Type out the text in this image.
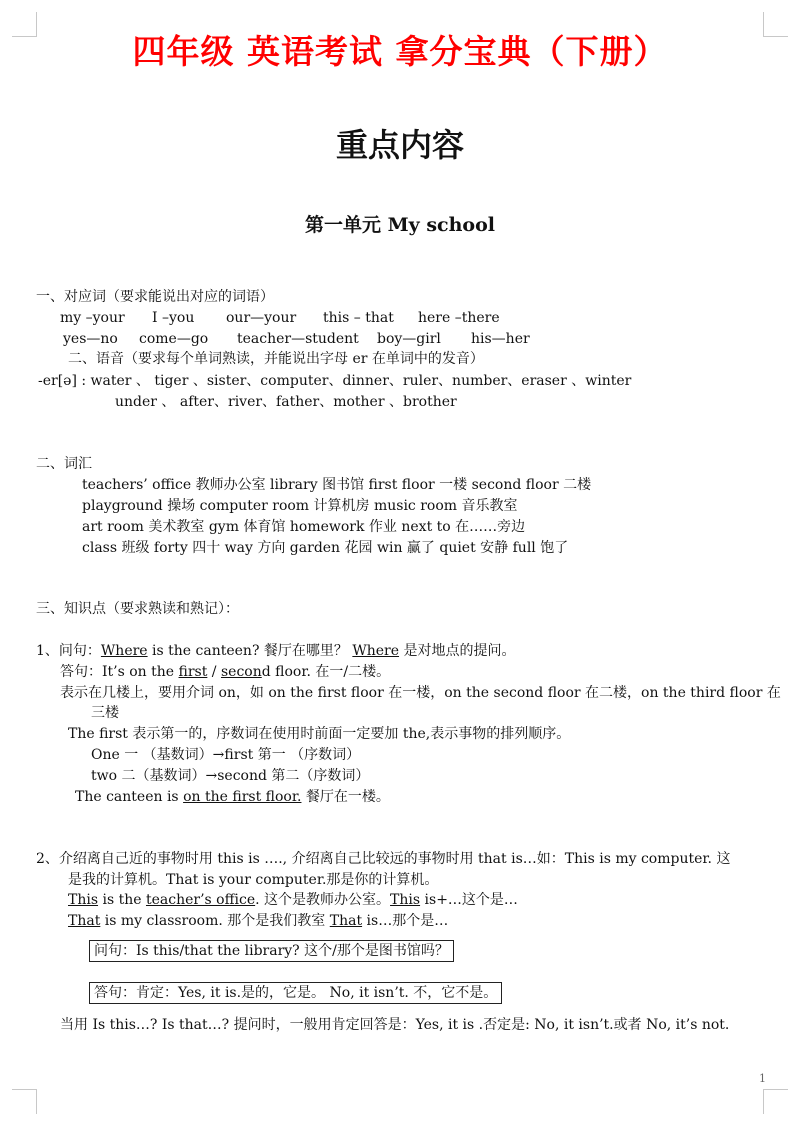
四年级 英语考试 拿分宝典（下册）
重点内容
第一单元 My school
一、对应词（要求能说出对应的词语）
my –your I –you our—your this – that here –there
yes—no come—go teacher—student boy—girl his—her
二、语音（要求每个单词熟读，并能说出字母 er 在单词中的发音）
-er[ə] : water 、 tiger 、sister、computer、dinner、ruler、number、eraser 、winter
under 、 after、river、father、mother 、brother
二、词汇
teachers’ office 教师办公室 library 图书馆 first floor 一楼 second floor 二楼
playground 操场 computer room 计算机房 music room 音乐教室
art room 美术教室 gym 体育馆 homework 作业 next to 在……旁边
class 班级 forty 四十 way 方向 garden 花园 win 赢了 quiet 安静 full 饱了
三、知识点（要求熟读和熟记）：
1、问句：Where is the canteen? 餐厅在哪里？ Where 是对地点的提问。
答句：It’s on the first / second floor. 在一/二楼。
表示在几楼上，要用介词 on，如 on the first floor 在一楼，on the second floor 在二楼，on the third floor 在
三楼
The first 表示第一的，序数词在使用时前面一定要加 the,表示事物的排列顺序。
One 一 （基数词）→first 第一 （序数词）
two 二（基数词）→second 第二（序数词）
The canteen is on the first floor. 餐厅在一楼。
2、介绍离自己近的事物时用 this is …., 介绍离自己比较远的事物时用 that is…如：This is my computer. 这
是我的计算机。That is your computer.那是你的计算机。
This is the teacher’s office. 这个是教师办公室。This is+…这个是…
That is my classroom. 那个是我们教室 That is…那个是…
问句：Is this/that the library? 这个/那个是图书馆吗？
答句：肯定：Yes, it is.是的，它是。 No, it isn’t. 不，它不是。
当用 Is this…? Is that…? 提问时，一般用肯定回答是：Yes, it is .否定是: No, it isn’t.或者 No, it’s not.
1
